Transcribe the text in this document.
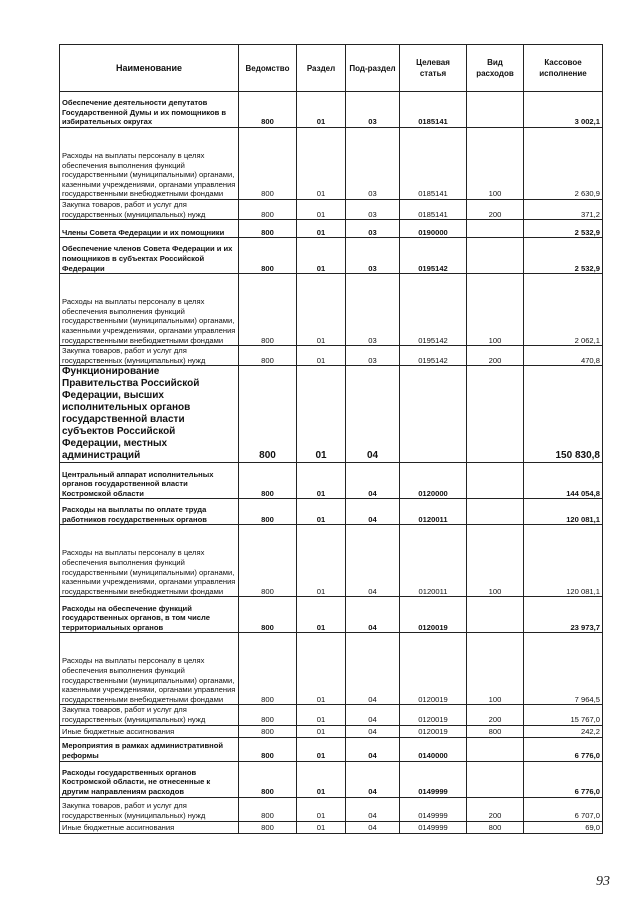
Наименование	Ведомство	Раздел	Под-раздел	Целевая статья	Вид расходов	Кассовое исполнение
Обеспечение деятельности депутатов Государственной Думы и их помощников в избирательных округах	800	01	03	0185141		3 002,1
Расходы на выплаты персоналу в целях обеспечения выполнения функций государственными (муниципальными) органами, казенными учреждениями, органами управления государственными внебюджетными фондами	800	01	03	0185141	100	2 630,9
Закупка товаров, работ и услуг для государственных (муниципальных) нужд	800	01	03	0185141	200	371,2
Члены Совета Федерации и их помощники	800	01	03	0190000		2 532,9
Обеспечение членов Совета Федерации и их помощников в субъектах Российской Федерации	800	01	03	0195142		2 532,9
Расходы на выплаты персоналу в целях обеспечения выполнения функций государственными (муниципальными) органами, казенными учреждениями, органами управления государственными внебюджетными фондами	800	01	03	0195142	100	2 062,1
Закупка товаров, работ и услуг для государственных (муниципальных) нужд	800	01	03	0195142	200	470,8
Функционирование Правительства Российской Федерации, высших исполнительных органов государственной власти субъектов Российской Федерации, местных администраций	800	01	04			150 830,8
Центральный аппарат исполнительных органов государственной власти Костромской области	800	01	04	0120000		144 054,8
Расходы на выплаты по оплате труда работников государственных органов	800	01	04	0120011		120 081,1
Расходы на выплаты персоналу в целях обеспечения выполнения функций государственными (муниципальными) органами, казенными учреждениями, органами управления государственными внебюджетными фондами	800	01	04	0120011	100	120 081,1
Расходы на обеспечение функций государственных органов, в том числе территориальных органов	800	01	04	0120019		23 973,7
Расходы на выплаты персоналу в целях обеспечения выполнения функций государственными (муниципальными) органами, казенными учреждениями, органами управления государственными внебюджетными фондами	800	01	04	0120019	100	7 964,5
Закупка товаров, работ и услуг для государственных (муниципальных) нужд	800	01	04	0120019	200	15 767,0
Иные бюджетные ассигнования	800	01	04	0120019	800	242,2
Мероприятия в рамках административной реформы	800	01	04	0140000		6 776,0
Расходы государственных органов Костромской области, не отнесенные к другим направлениям расходов	800	01	04	0149999		6 776,0
Закупка товаров, работ и услуг для государственных (муниципальных) нужд	800	01	04	0149999	200	6 707,0
Иные бюджетные ассигнования	800	01	04	0149999	800	69,0
93
